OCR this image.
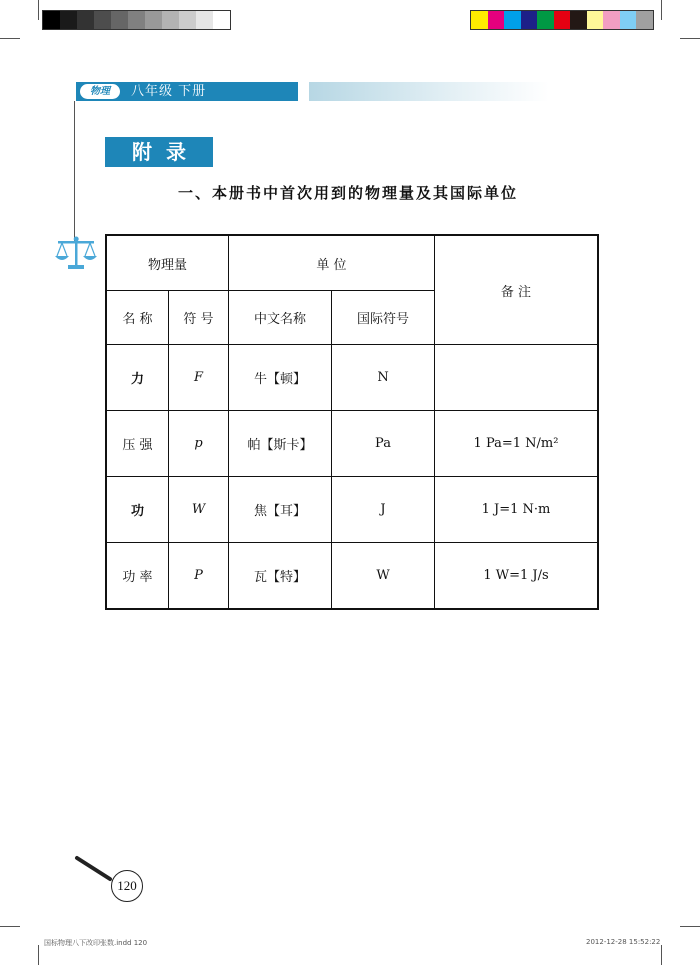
物理	八年级 下册
附录
一、本册书中首次用到的物理量及其国际单位
物理量		单 位		备 注
名 称	符 号	中文名称	国际符号	
力	F	牛【顿】	N	
压 强	p	帕【斯卡】	Pa	1 Pa=1 N/m²
功	W	焦【耳】	J	1 J=1 N·m
功 率	P	瓦【特】	W	1 W=1 J/s
120
国标物理八下改印张数.indd 120	2012-12-28 15:52:22
